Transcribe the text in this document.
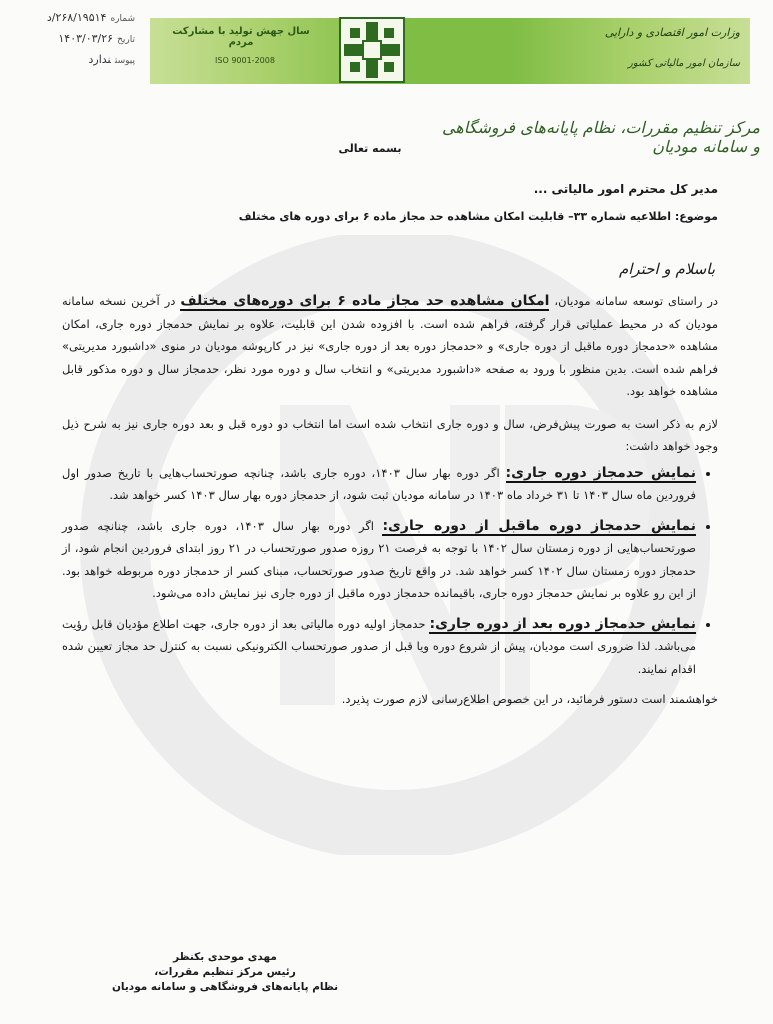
شماره۲۶۸/۱۹۵۱۴/د
تاریخ۱۴۰۳/۰۳/۲۶
پیوستندارد
سال جهش تولید با مشارکت مردم
ISO 9001-2008
وزارت امور اقتصادی و دارایی
سازمان امور مالیاتی کشور
مرکز تنظیم مقررات، نظام پایانه‌های فروشگاهی و سامانه مودیان
بسمه تعالی
مدیر کل محترم امور مالیاتی ...
موضوع: اطلاعیه شماره ۳۳– قابلیت امکان مشاهده حد مجاز ماده ۶ برای دوره های مختلف
باسلام و احترام

در راستای توسعه سامانه مودیان، امکان مشاهده حد مجاز ماده ۶ برای دوره‌های مختلف در آخرین نسخه سامانه مودیان که در محیط عملیاتی قرار گرفته، فراهم شده است. با افزوده شدن این قابلیت، علاوه بر نمایش حدمجاز دوره جاری، امکان مشاهده «حدمجاز دوره ماقبل از دوره جاری» و «حدمجاز دوره بعد از دوره جاری» نیز در کارپوشه مودیان در منوی «داشبورد مدیریتی» فراهم شده است. بدین منظور با ورود به صفحه «داشبورد مدیریتی» و انتخاب سال و دوره مورد نظر، حدمجاز سال و دوره مذکور قابل مشاهده خواهد بود.

لازم به ذکر است به صورت پیش‌فرض، سال و دوره جاری انتخاب شده است اما انتخاب دو دوره قبل و بعد دوره جاری نیز به شرح ذیل وجود خواهد داشت:

• نمایش حدمجاز دوره جاری: اگر دوره بهار سال ۱۴۰۳، دوره جاری باشد، چنانچه صورتحساب‌هایی با تاریخ صدور اول فروردین ماه سال ۱۴۰۳ تا ۳۱ خرداد ماه ۱۴۰۳ در سامانه مودیان ثبت شود، از حدمجاز دوره بهار سال ۱۴۰۳ کسر خواهد شد.
• نمایش حدمجاز دوره ماقبل از دوره جاری: اگر دوره بهار سال ۱۴۰۳، دوره جاری باشد، چنانچه صدور صورتحساب‌هایی از دوره زمستان سال ۱۴۰۲ با توجه به فرصت ۲۱ روزه صدور صورتحساب در ۲۱ روز ابتدای فروردین انجام شود، از حدمجاز دوره زمستان سال ۱۴۰۲ کسر خواهد شد. در واقع تاریخ صدور صورتحساب، مبنای کسر از حدمجاز دوره مربوطه خواهد بود. از این رو علاوه بر نمایش حدمجاز دوره جاری، باقیمانده حدمجاز دوره ماقبل از دوره جاری نیز نمایش داده می‌شود.
• نمایش حدمجاز دوره بعد از دوره جاری: حدمجاز اولیه دوره مالیاتی بعد از دوره جاری، جهت اطلاع مؤدیان قابل رؤیت می‌باشد. لذا ضروری است مودیان، پیش از شروع دوره ویا قبل از صدور صورتحساب الکترونیکی نسبت به کنترل حد مجاز تعیین شده اقدام نمایند.

خواهشمند است دستور فرمائید، در این خصوص اطلاع‌رسانی لازم صورت پذیرد.

مهدی موحدی بکنظر
رئیس مرکز تنظیم مقررات،
نظام پایانه‌های فروشگاهی و سامانه مودیان
